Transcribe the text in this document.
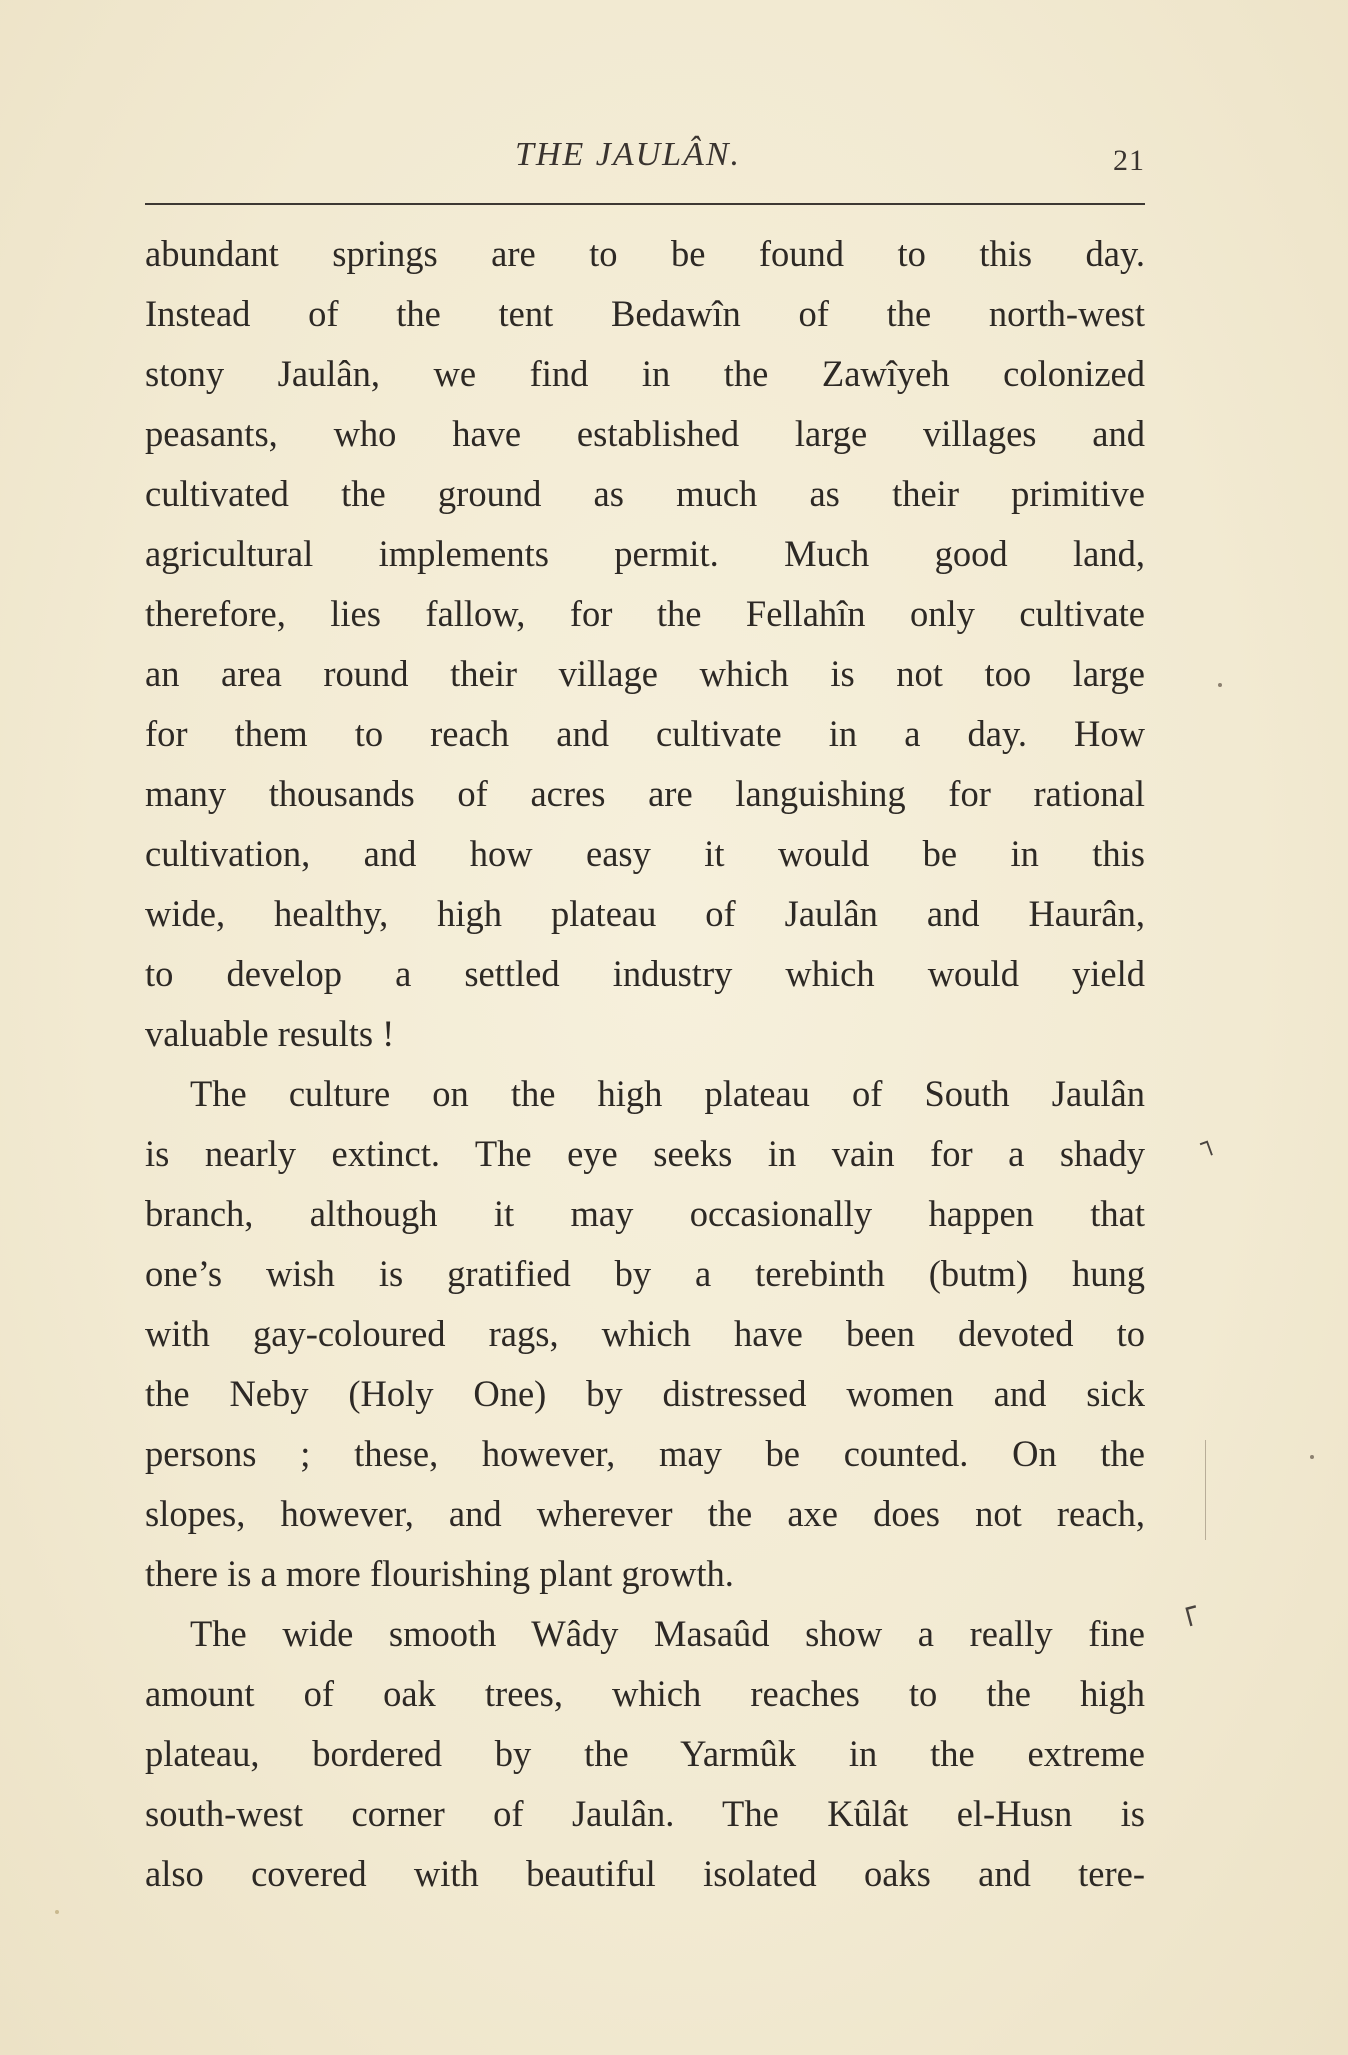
THE JAULÂN.	21
abundant springs are to be found to this day.
Instead of the tent Bedawîn of the north-west
stony Jaulân, we find in the Zawîyeh colonized
peasants, who have established large villages and
cultivated the ground as much as their primitive
agricultural implements permit. Much good land,
therefore, lies fallow, for the Fellahîn only cultivate
an area round their village which is not too large
for them to reach and cultivate in a day. How
many thousands of acres are languishing for rational
cultivation, and how easy it would be in this
wide, healthy, high plateau of Jaulân and Haurân,
to develop a settled industry which would yield
valuable results !
The culture on the high plateau of South Jaulân
is nearly extinct. The eye seeks in vain for a shady
branch, although it may occasionally happen that
one’s wish is gratified by a terebinth (butm) hung
with gay-coloured rags, which have been devoted to
the Neby (Holy One) by distressed women and sick
persons ; these, however, may be counted. On the
slopes, however, and wherever the axe does not reach,
there is a more flourishing plant growth.
The wide smooth Wâdy Masaûd show a really fine
amount of oak trees, which reaches to the high
plateau, bordered by the Yarmûk in the extreme
south-west corner of Jaulân. The Kûlât el-Husn is
also covered with beautiful isolated oaks and tere-
┐
┌
